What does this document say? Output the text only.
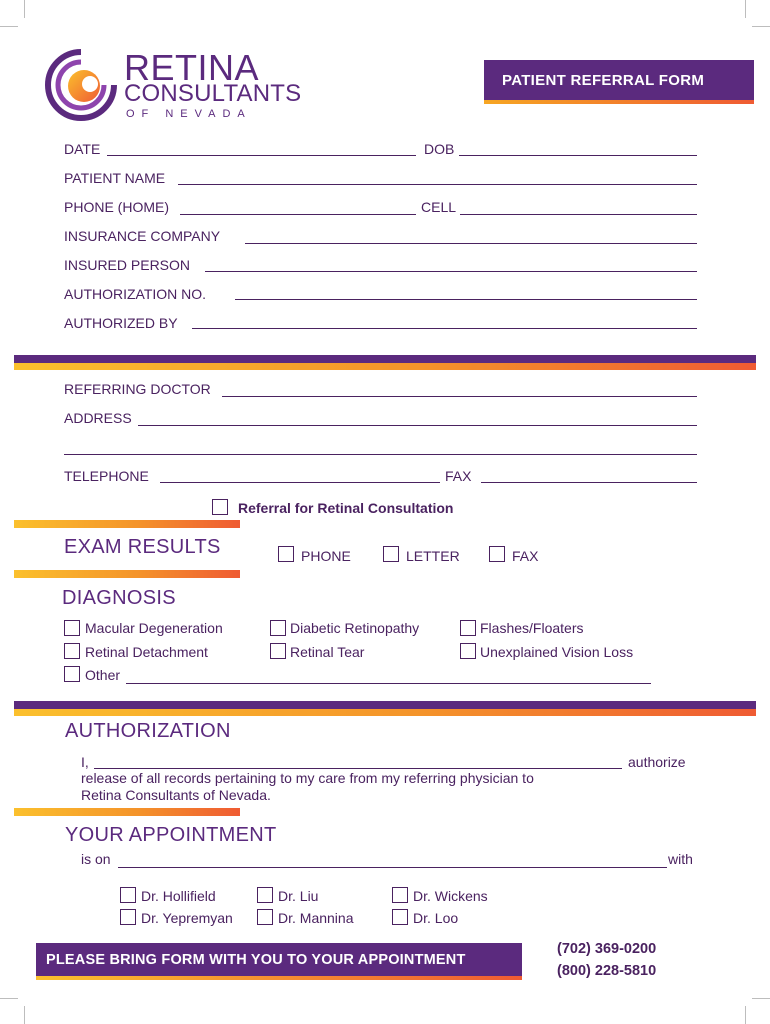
RETINA
CONSULTANTS
OF NEVADA
PATIENT REFERRAL FORM
DATE	DOB
PATIENT NAME
PHONE (HOME)	CELL
INSURANCE COMPANY
INSURED PERSON
AUTHORIZATION NO.
AUTHORIZED BY
REFERRING DOCTOR
ADDRESS
TELEPHONE	FAX
Referral for Retinal Consultation
EXAM RESULTS	PHONE	LETTER	FAX
DIAGNOSIS
Macular Degeneration	Diabetic Retinopathy	Flashes/Floaters
Retinal Detachment	Retinal Tear	Unexplained Vision Loss
Other
AUTHORIZATION
I,	authorize
release of all records pertaining to my care from my referring physician to
Retina Consultants of Nevada.
YOUR APPOINTMENT
is on	with
Dr. Hollifield	Dr. Liu	Dr. Wickens
Dr. Yepremyan	Dr. Mannina	Dr. Loo
PLEASE BRING FORM WITH YOU TO YOUR APPOINTMENT
(702) 369-0200
(800) 228-5810
